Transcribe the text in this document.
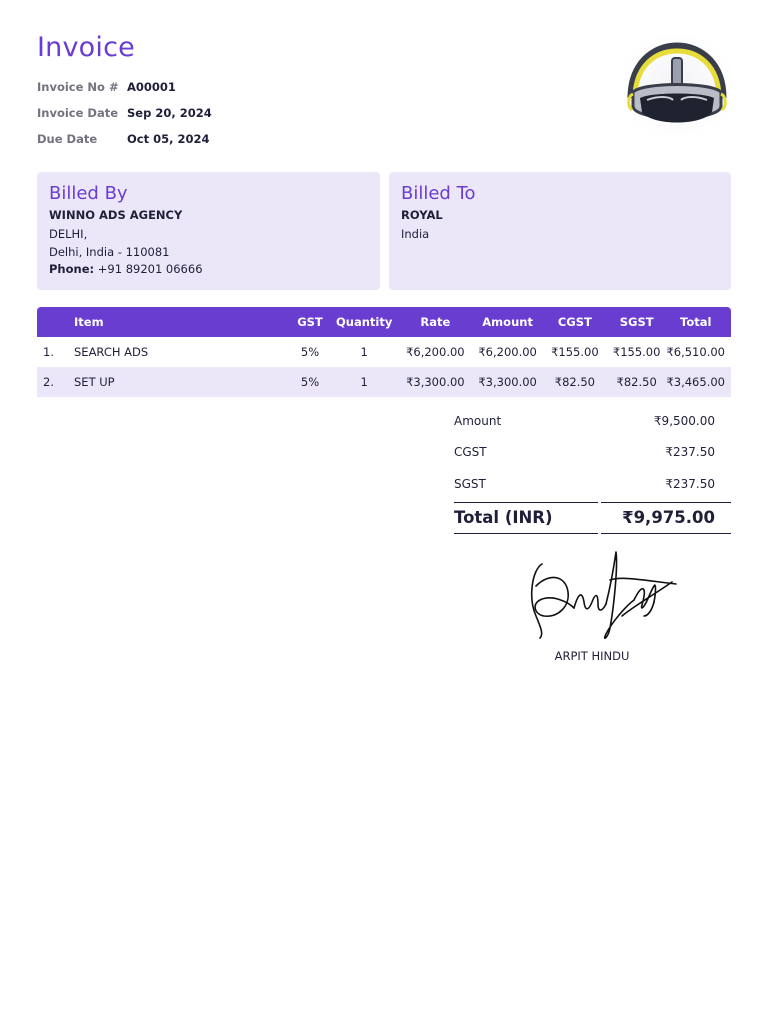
Invoice
Invoice No # A00001
Invoice Date Sep 20, 2024
Due Date	Oct 05, 2024
Billed By
WINNO ADS AGENCY
DELHI,
Delhi, India - 110081
Phone: +91 89201 06666
Billed To
ROYAL
India
	Item	GST	Quantity	Rate	Amount	CGST	SGST	Total
1.	SEARCH ADS	5%	1	₹6,200.00	₹6,200.00	₹155.00	₹155.00	₹6,510.00
2.	SET UP	5%	1	₹3,300.00	₹3,300.00	₹82.50	₹82.50	₹3,465.00
Amount	₹9,500.00
CGST	₹237.50
SGST	₹237.50
Total (INR)	₹9,975.00
ARPIT HINDU
